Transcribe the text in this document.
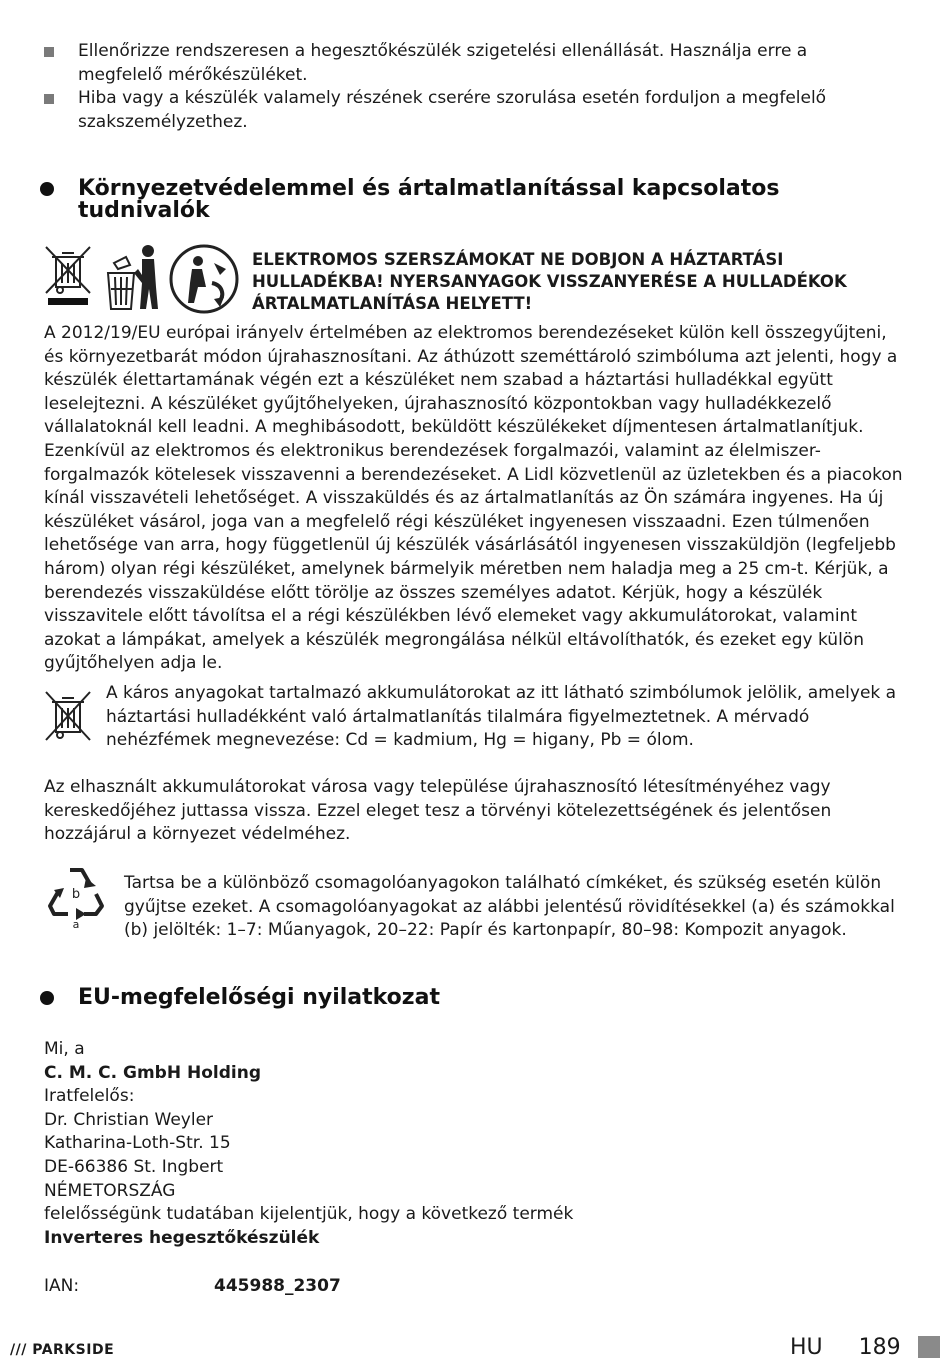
Ellenőrizze rendszeresen a hegesztőkészülék szigetelési ellenállását. Használja erre a megfelelő mérőkészüléket.
Hiba vagy a készülék valamely részének cserére szorulása esetén forduljon a megfelelő szakszemélyzethez.
Környezetvédelemmel és ártalmatlanítással kapcsolatos tudnivalók
ELEKTROMOS SZERSZÁMOKAT NE DOBJON A HÁZTARTÁSI HULLADÉKBA! NYERSANYAGOK VISSZANYERÉSE A HULLADÉKOK ÁRTALMATLANÍTÁSA HELYETT!
A 2012/19/EU európai irányelv értelmében az elektromos berendezéseket külön kell összegyűjteni, és környezetbarát módon újrahasznosítani. Az áthúzott szeméttároló szimbóluma azt jelenti, hogy a készülék élettartamának végén ezt a készüléket nem szabad a háztartási hulladékkal együtt leselejtezni. A készüléket gyűjtőhelyeken, újrahasznosító központokban vagy hulladékkezelő vállalatoknál kell leadni. A meghibásodott, beküldött készülékeket díjmentesen ártalmatlanítjuk. Ezenkívül az elektromos és elektronikus berendezések forgalmazói, valamint az élelmiszer-forgalmazók kötelesek visszavenni a berendezéseket. A Lidl közvetlenül az üzletekben és a piacokon kínál visszavételi lehetőséget. A visszaküldés és az ártalmatlanítás az Ön számára ingyenes. Ha új készüléket vásárol, joga van a megfelelő régi készüléket ingyenesen visszaadni. Ezen túlmenően lehetősége van arra, hogy függetlenül új készülék vásárlásától ingyenesen visszaküldjön (legfeljebb három) olyan régi készüléket, amelynek bármelyik méretben nem haladja meg a 25 cm-t. Kérjük, a berendezés visszaküldése előtt törölje az összes személyes adatot. Kérjük, hogy a készülék visszavitele előtt távolítsa el a régi készülékben lévő elemeket vagy akkumulátorokat, valamint azokat a lámpákat, amelyek a készülék megrongálása nélkül eltávolíthatók, és ezeket egy külön gyűjtőhelyen adja le.
A káros anyagokat tartalmazó akkumulátorokat az itt látható szimbólumok jelölik, amelyek a háztartási hulladékként való ártalmatlanítás tilalmára figyelmeztetnek. A mérvadó nehézfémek megnevezése: Cd = kadmium, Hg = higany, Pb = ólom.
Az elhasznált akkumulátorokat városa vagy települése újrahasznosító létesítményéhez vagy kereskedőjéhez juttassa vissza. Ezzel eleget tesz a törvényi kötelezettségének és jelentősen hozzájárul a környezet védelméhez.
b
a
Tartsa be a különböző csomagolóanyagokon található címkéket, és szükség esetén külön gyűjtse ezeket. A csomagolóanyagokat az alábbi jelentésű rövidítésekkel (a) és számokkal (b) jelölték: 1–7: Műanyagok, 20–22: Papír és kartonpapír, 80–98: Kompozit anyagok.
EU-megfelelőségi nyilatkozat
Mi, a
C. M. C. GmbH Holding
Iratfelelős:
Dr. Christian Weyler
Katharina-Loth-Str. 15
DE-66386 St. Ingbert
NÉMETORSZÁG
felelősségünk tudatában kijelentjük, hogy a következő termék
Inverteres hegesztőkészülék
IAN:	445988_2307
/// PARKSIDE	HU 189
